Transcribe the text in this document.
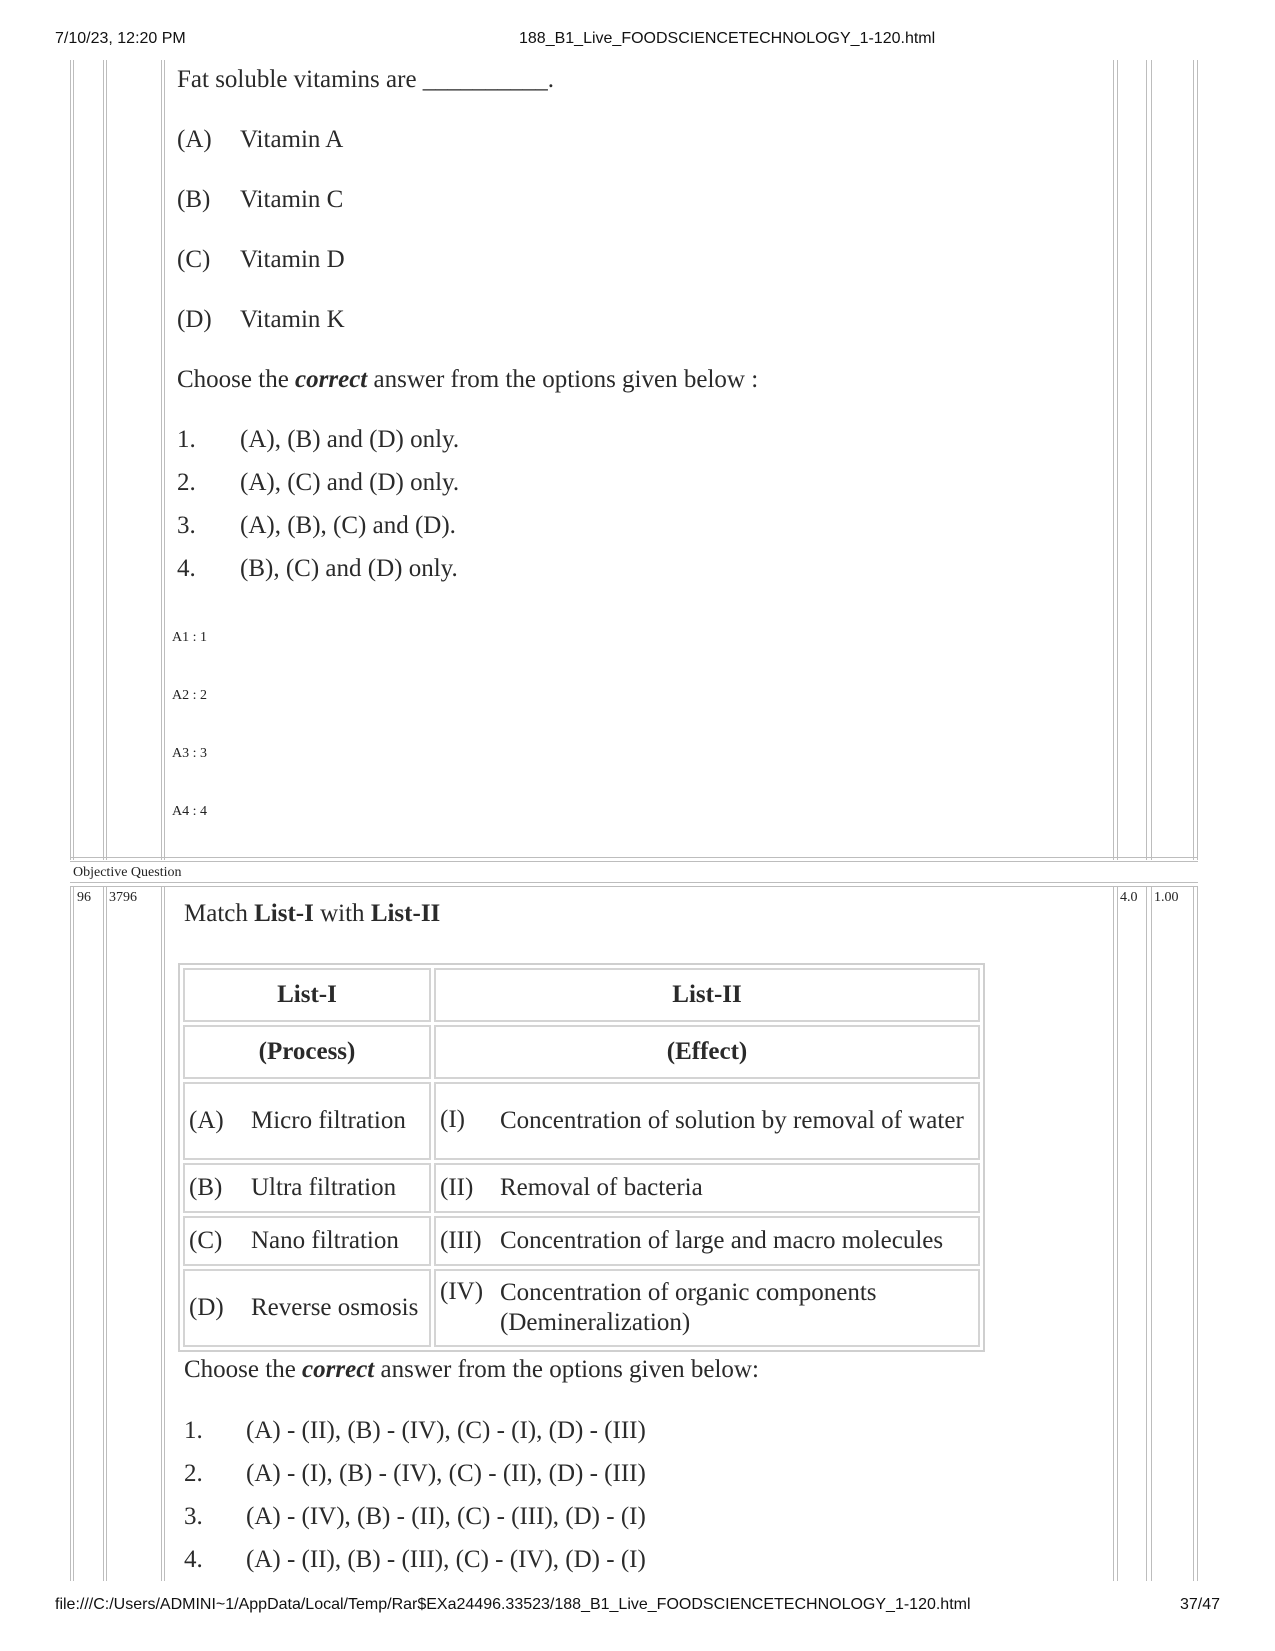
7/10/23, 12:20 PM	188_B1_Live_FOODSCIENCETECHNOLOGY_1-120.html
Fat soluble vitamins are __________.
(A) Vitamin A
(B) Vitamin C
(C) Vitamin D
(D) Vitamin K
Choose the correct answer from the options given below :
1. (A), (B) and (D) only.
2. (A), (C) and (D) only.
3. (A), (B), (C) and (D).
4. (B), (C) and (D) only.
A1 : 1
A2 : 2
A3 : 3
A4 : 4
Objective Question
96 3796	4.0 1.00
Match List-I with List-II
List-I	List-II
(Process)	(Effect)

(A) Micro filtration	(I) Concentration of solution by removal of water

(B) Ultra filtration	(II) Removal of bacteria

(C) Nano filtration	(III) Concentration of large and macro molecules

(D) Reverse osmosis	(IV) Concentration of organic components (Demineralization)
Choose the correct answer from the options given below:
1. (A) - (II), (B) - (IV), (C) - (I), (D) - (III)
2. (A) - (I), (B) - (IV), (C) - (II), (D) - (III)
3. (A) - (IV), (B) - (II), (C) - (III), (D) - (I)
4. (A) - (II), (B) - (III), (C) - (IV), (D) - (I)
file:///C:/Users/ADMINI~1/AppData/Local/Temp/Rar$EXa24496.33523/188_B1_Live_FOODSCIENCETECHNOLOGY_1-120.html	37/47
